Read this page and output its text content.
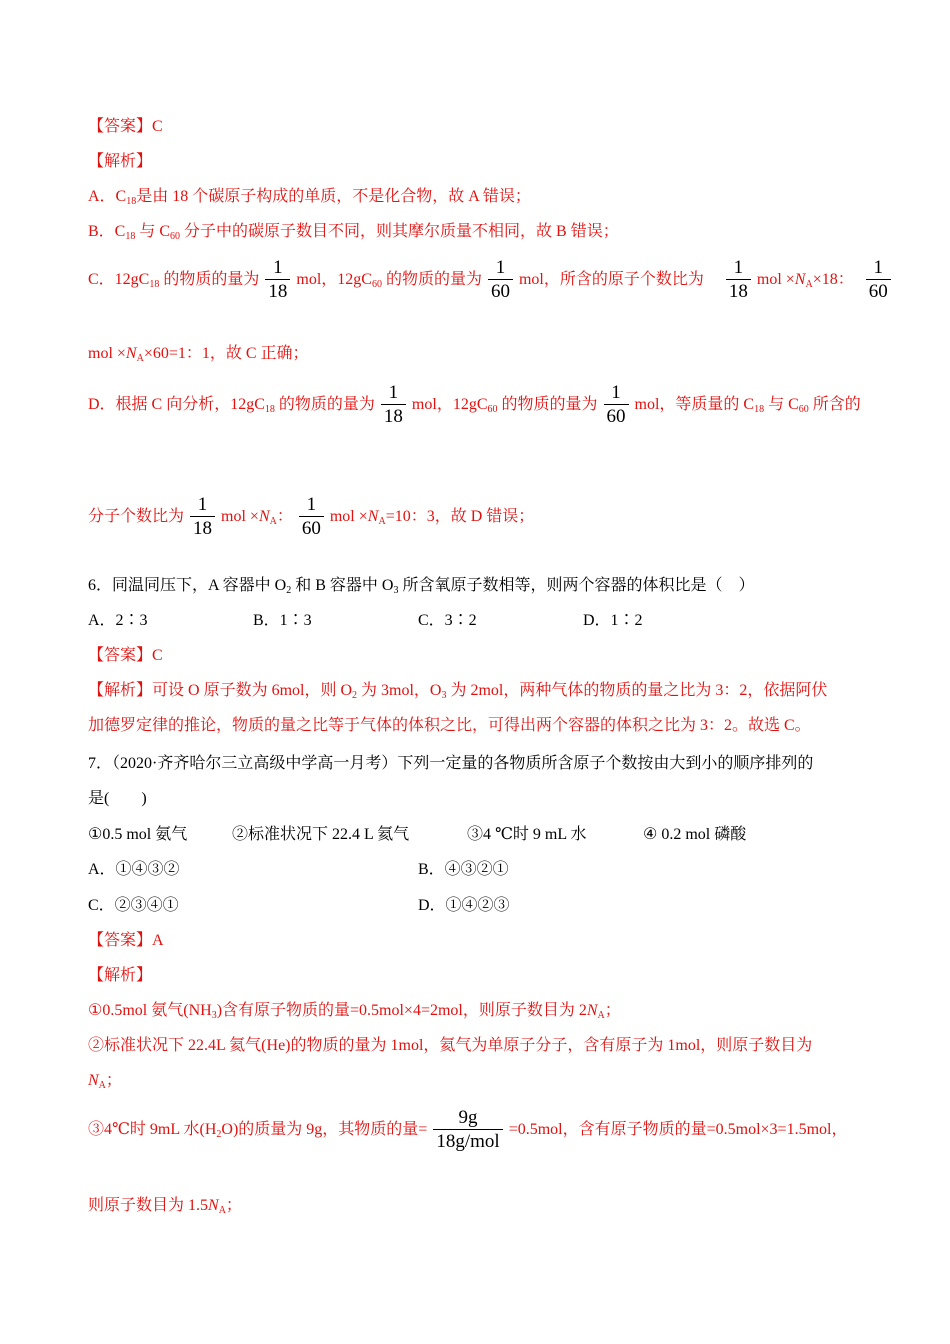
【答案】C
【解析】
A．$C_{18}$是由 18 个碳原子构成的单质，不是化合物，故 A 错误；
B．$C_{18}$ 与 $C_{60}$ 分子中的碳原子数目不同，则其摩尔质量不相同，故 B 错误；
C．$12gC_{18}$ 的物质的量为 $\frac{1}{18}$ mol，$12gC_{60}$ 的物质的量为 $\frac{1}{60}$ mol，所含的原子个数比为 $\frac{1}{18}$ mol $\times N_A\times 18$： $\frac{1}{60}$
mol $\times N_A\times 60=1$：1，故 C 正确；
D．根据 C 向分析，$12gC_{18}$ 的物质的量为 $\frac{1}{18}$ mol，$12gC_{60}$ 的物质的量为 $\frac{1}{60}$ mol，等质量的 $C_{18}$ 与 $C_{60}$ 所含的
分子个数比为 $\frac{1}{18}$ mol $\times N_A$： $\frac{1}{60}$ mol $\times N_A=10$：3，故 D 错误；
6．同温同压下，A 容器中 $O_2$ 和 B 容器中 $O_3$ 所含氧原子数相等，则两个容器的体积比是（　）
A．2∶3	B．1∶3	C．3∶2	D．1∶2
【答案】C
【解析】可设 O 原子数为 6mol，则 $O_2$ 为 3mol，$O_3$ 为 2mol，两种气体的物质的量之比为 3：2，依据阿伏
加德罗定律的推论，物质的量之比等于气体的体积之比，可得出两个容器的体积之比为 3：2。故选 C。
7．（2020·齐齐哈尔三立高级中学高一月考）下列一定量的各物质所含原子个数按由大到小的顺序排列的
是(　　)
①0.5 mol 氨气	②标准状况下 22.4 L 氦气	③4 ℃时 9 mL 水	④ 0.2 mol 磷酸
A．①④③②	B．④③②①
C．②③④①	D．①④②③
【答案】A
【解析】
①0.5mol 氨气$(NH_3)$含有原子物质的量=0.5mol×4=2mol，则原子数目为 $2N_A$；
②标准状况下 22.4L 氦气(He)的物质的量为 1mol，氦气为单原子分子，含有原子为 1mol，则原子数目为
$N_A$；
③4℃时 9mL 水$(H_2O)$的质量为 9g，其物质的量= $\frac{9g}{\text{18g/mol}} =0.5mol$，含有原子物质的量=0.5mol×3=1.5mol，
则原子数目为 $1.5N_A$；
